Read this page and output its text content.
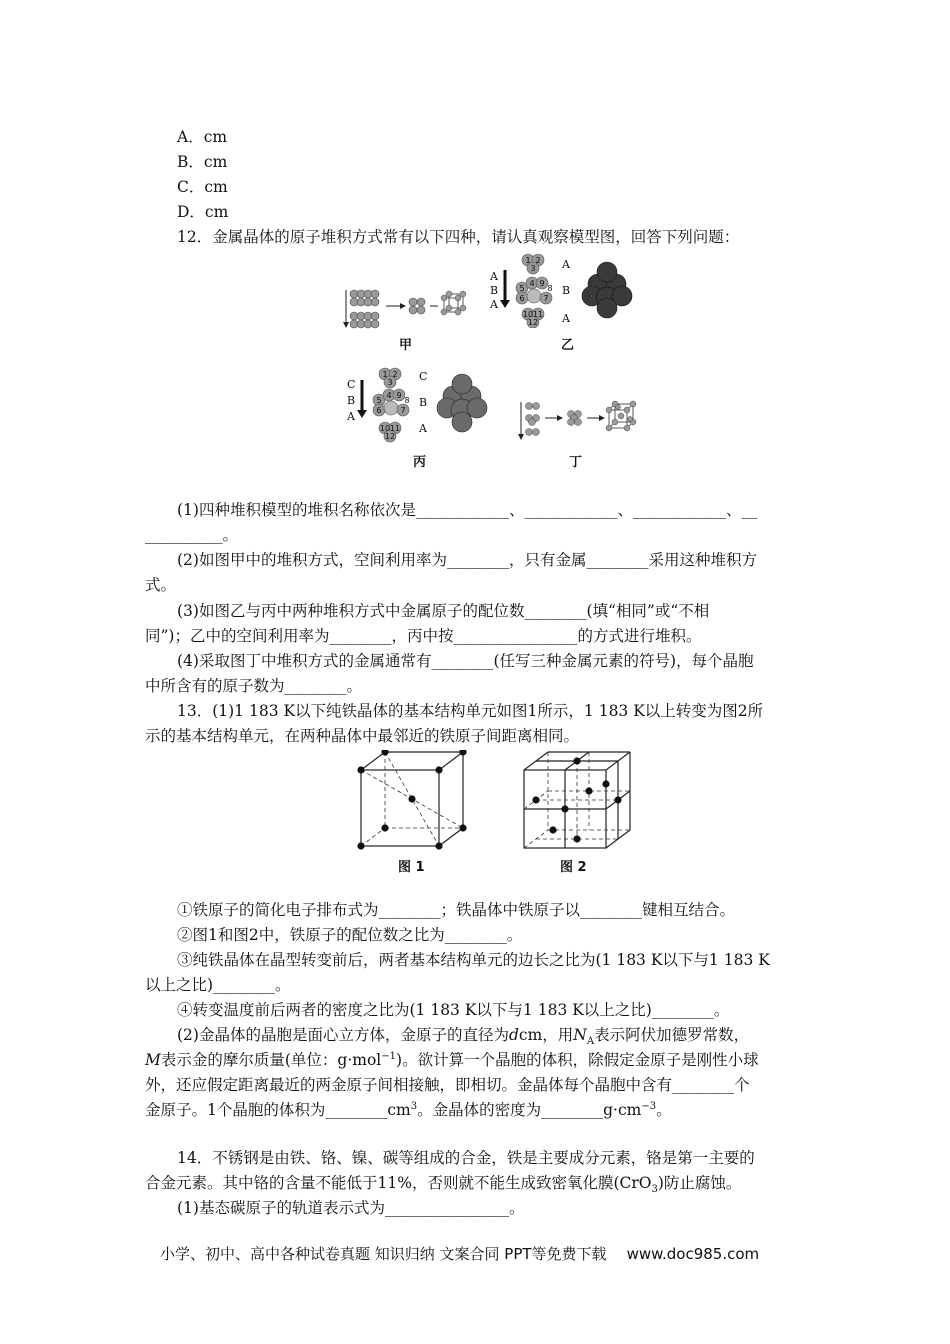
A．cm
B．cm
C．cm
D．cm
12．金属晶体的原子堆积方式常有以下四种，请认真观察模型图，回答下列问题：
甲
A
B
A
A
B
A
1 2
3
4
5
6 7
8
9
10 11
12
乙
C
B
A
C
B
A
1 2
3
4
5
6 7
8
9
10 11
12
丙	丁
(1)四种堆积模型的堆积名称依次是____________、____________、____________、__
__________。
(2)如图甲中的堆积方式，空间利用率为________，只有金属________采用这种堆积方
式。
(3)如图乙与丙中两种堆积方式中金属原子的配位数________(填“相同”或“不相
同”)；乙中的空间利用率为________，丙中按________________的方式进行堆积。
(4)采取图丁中堆积方式的金属通常有________(任写三种金属元素的符号)，每个晶胞
中所含有的原子数为________。
13．(1)1 183 K以下纯铁晶体的基本结构单元如图1所示，1 183 K以上转变为图2所
示的基本结构单元，在两种晶体中最邻近的铁原子间距离相同。
图 1	图 2
①铁原子的简化电子排布式为________；铁晶体中铁原子以________键相互结合。
②图1和图2中，铁原子的配位数之比为________。
③纯铁晶体在晶型转变前后，两者基本结构单元的边长之比为(1 183 K以下与1 183 K
以上之比)________。
④转变温度前后两者的密度之比为(1 183 K以下与1 183 K以上之比)________。
(2)金晶体的晶胞是面心立方体，金原子的直径为dcm，用$N_A$表示阿伏加德罗常数，
M表示金的摩尔质量(单位：g·mol$^{-1}$)。欲计算一个晶胞的体积，除假定金原子是刚性小球
外，还应假定距离最近的两金原子间相接触，即相切。金晶体每个晶胞中含有________个
金原子。1个晶胞的体积为$\_\_\_\_\_\_\_\_cm^3$。金晶体的密度为$\_\_\_\_\_\_\_\_g\cdot cm^{-3}$。
14．不锈钢是由铁、铬、镍、碳等组成的合金，铁是主要成分元素，铬是第一主要的
合金元素。其中铬的含量不能低于11%，否则就不能生成致密氧化膜(CrO$_3$)防止腐蚀。
(1)基态碳原子的轨道表示式为________________。
小学、初中、高中各种试卷真题 知识归纳 文案合同 PPT等免费下载 www.doc985.com
